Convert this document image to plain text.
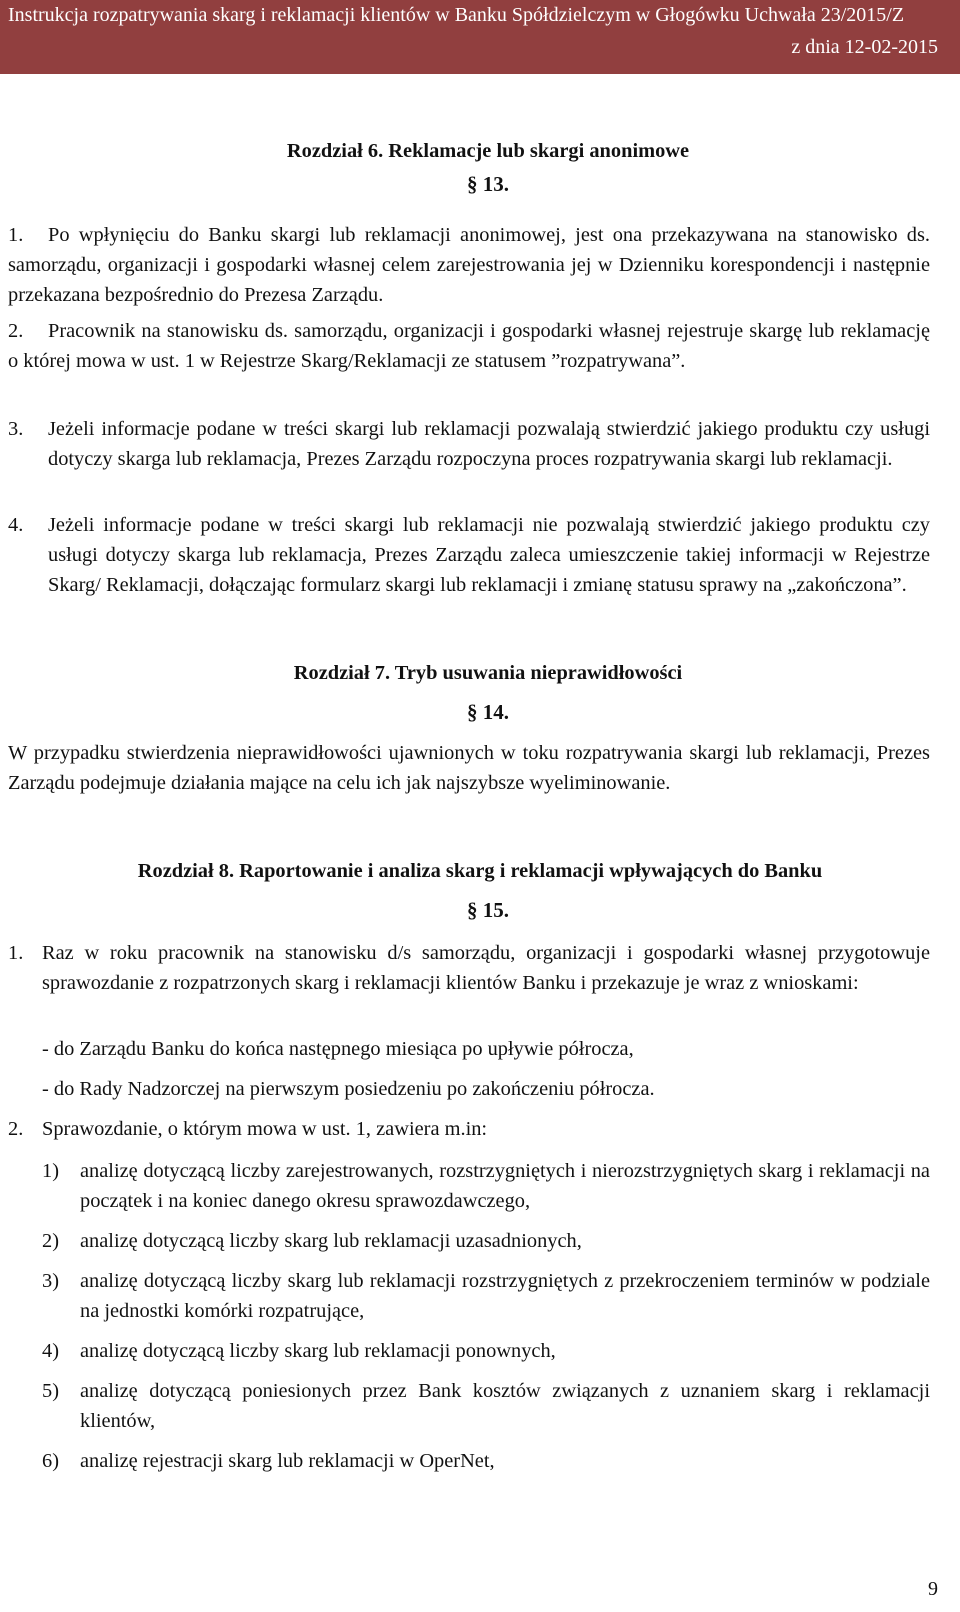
Instrukcja rozpatrywania skarg i reklamacji klientów w Banku Spółdzielczym w Głogówku Uchwała 23/2015/Z
z dnia 12-02-2015
Rozdział 6. Reklamacje lub skargi anonimowe
§ 13.
1.	Po wpłynięciu do Banku skargi lub reklamacji anonimowej, jest ona przekazywana na stanowisko ds. samorządu, organizacji i gospodarki własnej celem zarejestrowania jej w Dzienniku korespondencji i następnie przekazana bezpośrednio do Prezesa Zarządu.
2.	Pracownik na stanowisku ds. samorządu, organizacji i gospodarki własnej rejestruje skargę lub reklamację o której mowa w ust. 1 w Rejestrze Skarg/Reklamacji ze statusem ”rozpatrywana”.
3. Jeżeli informacje podane w treści skargi lub reklamacji pozwalają stwierdzić jakiego produktu czy usługi dotyczy skarga lub reklamacja, Prezes Zarządu rozpoczyna proces rozpatrywania skargi lub reklamacji.
4. Jeżeli informacje podane w treści skargi lub reklamacji nie pozwalają stwierdzić jakiego produktu czy usługi dotyczy skarga lub reklamacja, Prezes Zarządu zaleca umieszczenie takiej informacji w Rejestrze Skarg/ Reklamacji, dołączając formularz skargi lub reklamacji i zmianę statusu sprawy na „zakończona”.
Rozdział 7. Tryb usuwania nieprawidłowości
§ 14.
W przypadku stwierdzenia nieprawidłowości ujawnionych w toku rozpatrywania skargi lub reklamacji, Prezes Zarządu podejmuje działania mające na celu ich jak najszybsze wyeliminowanie.
Rozdział 8. Raportowanie i analiza skarg i reklamacji wpływających do Banku
§ 15.
1. Raz w roku pracownik na stanowisku d/s samorządu, organizacji i gospodarki własnej przygotowuje sprawozdanie z rozpatrzonych skarg i reklamacji klientów Banku i przekazuje je wraz z wnioskami:
- do Zarządu Banku do końca następnego miesiąca po upływie półrocza,
- do Rady Nadzorczej na pierwszym posiedzeniu po zakończeniu półrocza.
2. Sprawozdanie, o którym mowa w ust. 1, zawiera m.in:
1) analizę dotyczącą liczby zarejestrowanych, rozstrzygniętych i nierozstrzygniętych skarg i reklamacji na początek i na koniec danego okresu sprawozdawczego,
2) analizę dotyczącą liczby skarg lub reklamacji uzasadnionych,
3) analizę dotyczącą liczby skarg lub reklamacji rozstrzygniętych z przekroczeniem terminów w podziale na jednostki komórki rozpatrujące,
4) analizę dotyczącą liczby skarg lub reklamacji ponownych,
5) analizę dotyczącą poniesionych przez Bank kosztów związanych z uznaniem skarg i reklamacji klientów,
6) analizę rejestracji skarg lub reklamacji w OperNet,
9
